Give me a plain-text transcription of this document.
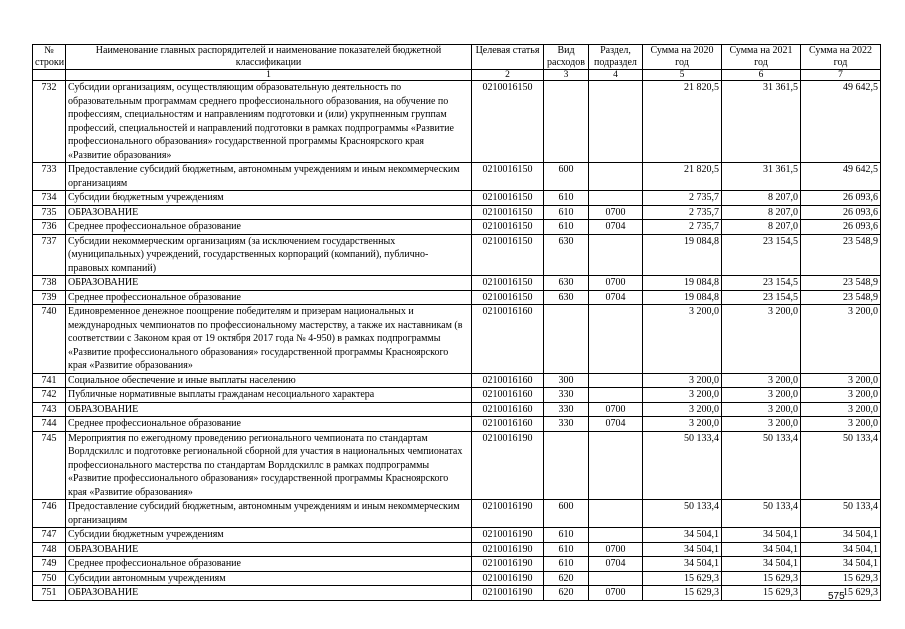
№ строки	Наименование главных распорядителей и наименование показателей бюджетной классификации	Целевая статья	Вид расходов	Раздел, подраздел	Сумма на 2020 год	Сумма на 2021 год	Сумма на 2022 год
	1	2	3	4	5	6	7
732	Субсидии организациям, осуществляющим образовательную деятельность по образовательным программам среднего профессионального образования, на обучение по профессиям, специальностям и направлениям подготовки и (или) укрупненным группам профессий, специальностей и направлений подготовки в рамках подпрограммы «Развитие профессионального образования» государственной программы Красноярского края «Развитие образования»	0210016150			21 820,5	31 361,5	49 642,5
733	Предоставление субсидий бюджетным, автономным учреждениям и иным некоммерческим организациям	0210016150	600		21 820,5	31 361,5	49 642,5
734	Субсидии бюджетным учреждениям	0210016150	610		2 735,7	8 207,0	26 093,6
735	ОБРАЗОВАНИЕ	0210016150	610	0700	2 735,7	8 207,0	26 093,6
736	Среднее профессиональное образование	0210016150	610	0704	2 735,7	8 207,0	26 093,6
737	Субсидии некоммерческим организациям (за исключением государственных (муниципальных) учреждений, государственных корпораций (компаний), публично-правовых компаний)	0210016150	630		19 084,8	23 154,5	23 548,9
738	ОБРАЗОВАНИЕ	0210016150	630	0700	19 084,8	23 154,5	23 548,9
739	Среднее профессиональное образование	0210016150	630	0704	19 084,8	23 154,5	23 548,9
740	Единовременное денежное поощрение победителям и призерам национальных и международных чемпионатов по профессиональному мастерству, а также их наставникам (в соответствии с Законом края от 19 октября 2017 года № 4-950) в рамках подпрограммы «Развитие профессионального образования» государственной программы Красноярского края «Развитие образования»	0210016160			3 200,0	3 200,0	3 200,0
741	Социальное обеспечение и иные выплаты населению	0210016160	300		3 200,0	3 200,0	3 200,0
742	Публичные нормативные выплаты гражданам несоциального характера	0210016160	330		3 200,0	3 200,0	3 200,0
743	ОБРАЗОВАНИЕ	0210016160	330	0700	3 200,0	3 200,0	3 200,0
744	Среднее профессиональное образование	0210016160	330	0704	3 200,0	3 200,0	3 200,0
745	Мероприятия по ежегодному проведению регионального чемпионата по стандартам Ворлдскиллс и подготовке региональной сборной для участия в национальных чемпионатах профессионального мастерства по стандартам Ворлдскиллс в рамках подпрограммы «Развитие профессионального образования» государственной программы Красноярского края «Развитие образования»	0210016190			50 133,4	50 133,4	50 133,4
746	Предоставление субсидий бюджетным, автономным учреждениям и иным некоммерческим организациям	0210016190	600		50 133,4	50 133,4	50 133,4
747	Субсидии бюджетным учреждениям	0210016190	610		34 504,1	34 504,1	34 504,1
748	ОБРАЗОВАНИЕ	0210016190	610	0700	34 504,1	34 504,1	34 504,1
749	Среднее профессиональное образование	0210016190	610	0704	34 504,1	34 504,1	34 504,1
750	Субсидии автономным учреждениям	0210016190	620		15 629,3	15 629,3	15 629,3
751	ОБРАЗОВАНИЕ	0210016190	620	0700	15 629,3	15 629,3	15 629,3
575
